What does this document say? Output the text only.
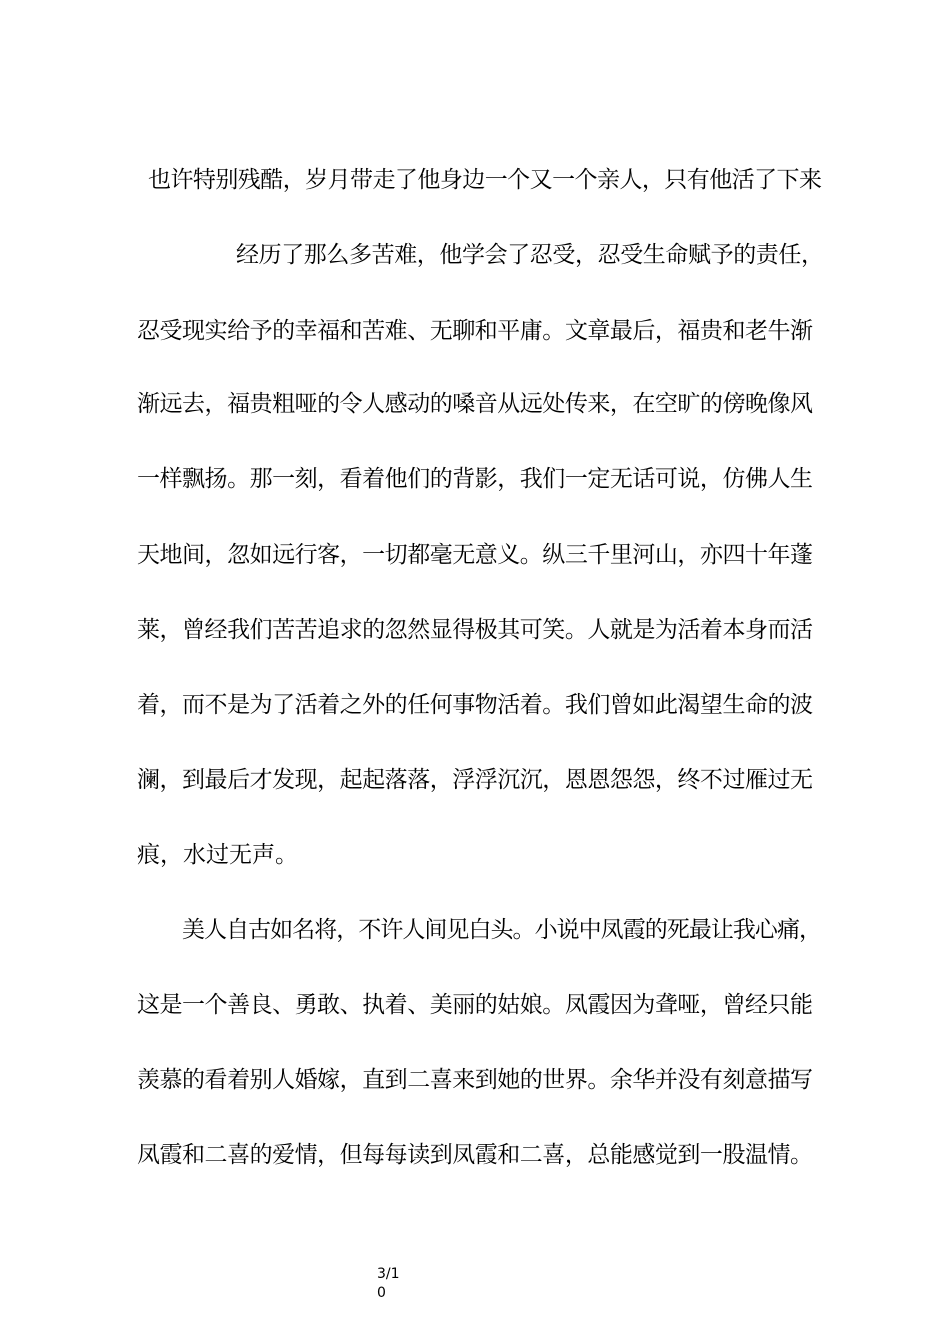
也许特别残酷，岁月带走了他身边一个又一个亲人，只有他活了下来
经历了那么多苦难，他学会了忍受，忍受生命赋予的责任，
忍受现实给予的幸福和苦难、无聊和平庸。文章最后，福贵和老牛渐
渐远去，福贵粗哑的令人感动的嗓音从远处传来，在空旷的傍晚像风
一样飘扬。那一刻，看着他们的背影，我们一定无话可说，仿佛人生
天地间，忽如远行客，一切都毫无意义。纵三千里河山，亦四十年蓬
莱，曾经我们苦苦追求的忽然显得极其可笑。人就是为活着本身而活
着，而不是为了活着之外的任何事物活着。我们曾如此渴望生命的波
澜，到最后才发现，起起落落，浮浮沉沉，恩恩怨怨，终不过雁过无
痕，水过无声。
美人自古如名将，不许人间见白头。小说中凤霞的死最让我心痛，
这是一个善良、勇敢、执着、美丽的姑娘。凤霞因为聋哑，曾经只能
羡慕的看着别人婚嫁，直到二喜来到她的世界。余华并没有刻意描写
凤霞和二喜的爱情，但每每读到凤霞和二喜，总能感觉到一股温情。
3/1
0
